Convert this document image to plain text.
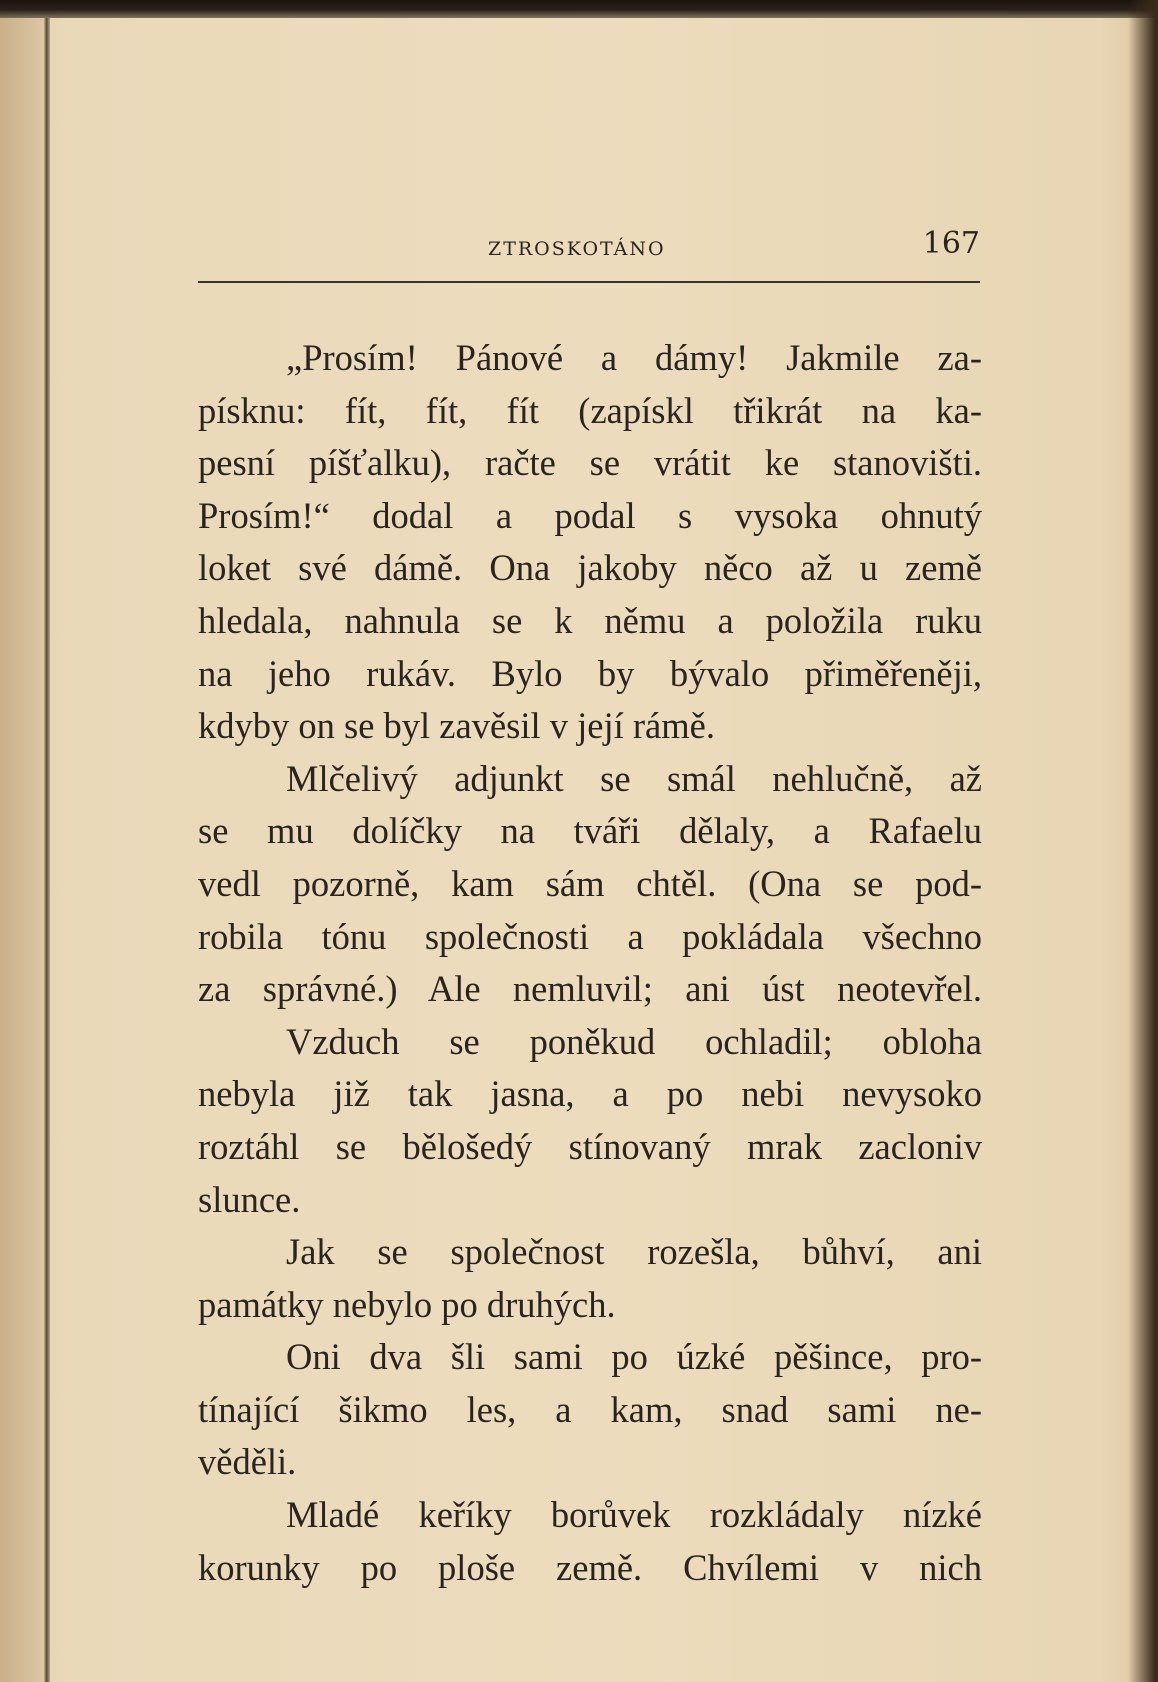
ZTROSKOTÁNO	167

„Prosím! Pánové a dámy! Jakmile za-
písknu: fít, fít, fít (zapískl třikrát na ka-
pesní píšťalku), račte se vrátit ke stanovišti.
Prosím!“ dodal a podal s vysoka ohnutý
loket své dámě. Ona jakoby něco až u země
hledala, nahnula se k němu a položila ruku
na jeho rukáv. Bylo by bývalo přiměřeněji,
kdyby on se byl zavěsil v její rámě.

Mlčelivý adjunkt se smál nehlučně, až
se mu dolíčky na tváři dělaly, a Rafaelu
vedl pozorně, kam sám chtěl. (Ona se pod-
robila tónu společnosti a pokládala všechno
za správné.) Ale nemluvil; ani úst neotevřel.

Vzduch se poněkud ochladil; obloha
nebyla již tak jasna, a po nebi nevysoko
roztáhl se bělošedý stínovaný mrak zacloniv
slunce.

Jak se společnost rozešla, bůhví, ani
památky nebylo po druhých.

Oni dva šli sami po úzké pěšince, pro-
tínající šikmo les, a kam, snad sami ne-
věděli.

Mladé keříky borůvek rozkládaly nízké
korunky po ploše země. Chvílemi v nich
